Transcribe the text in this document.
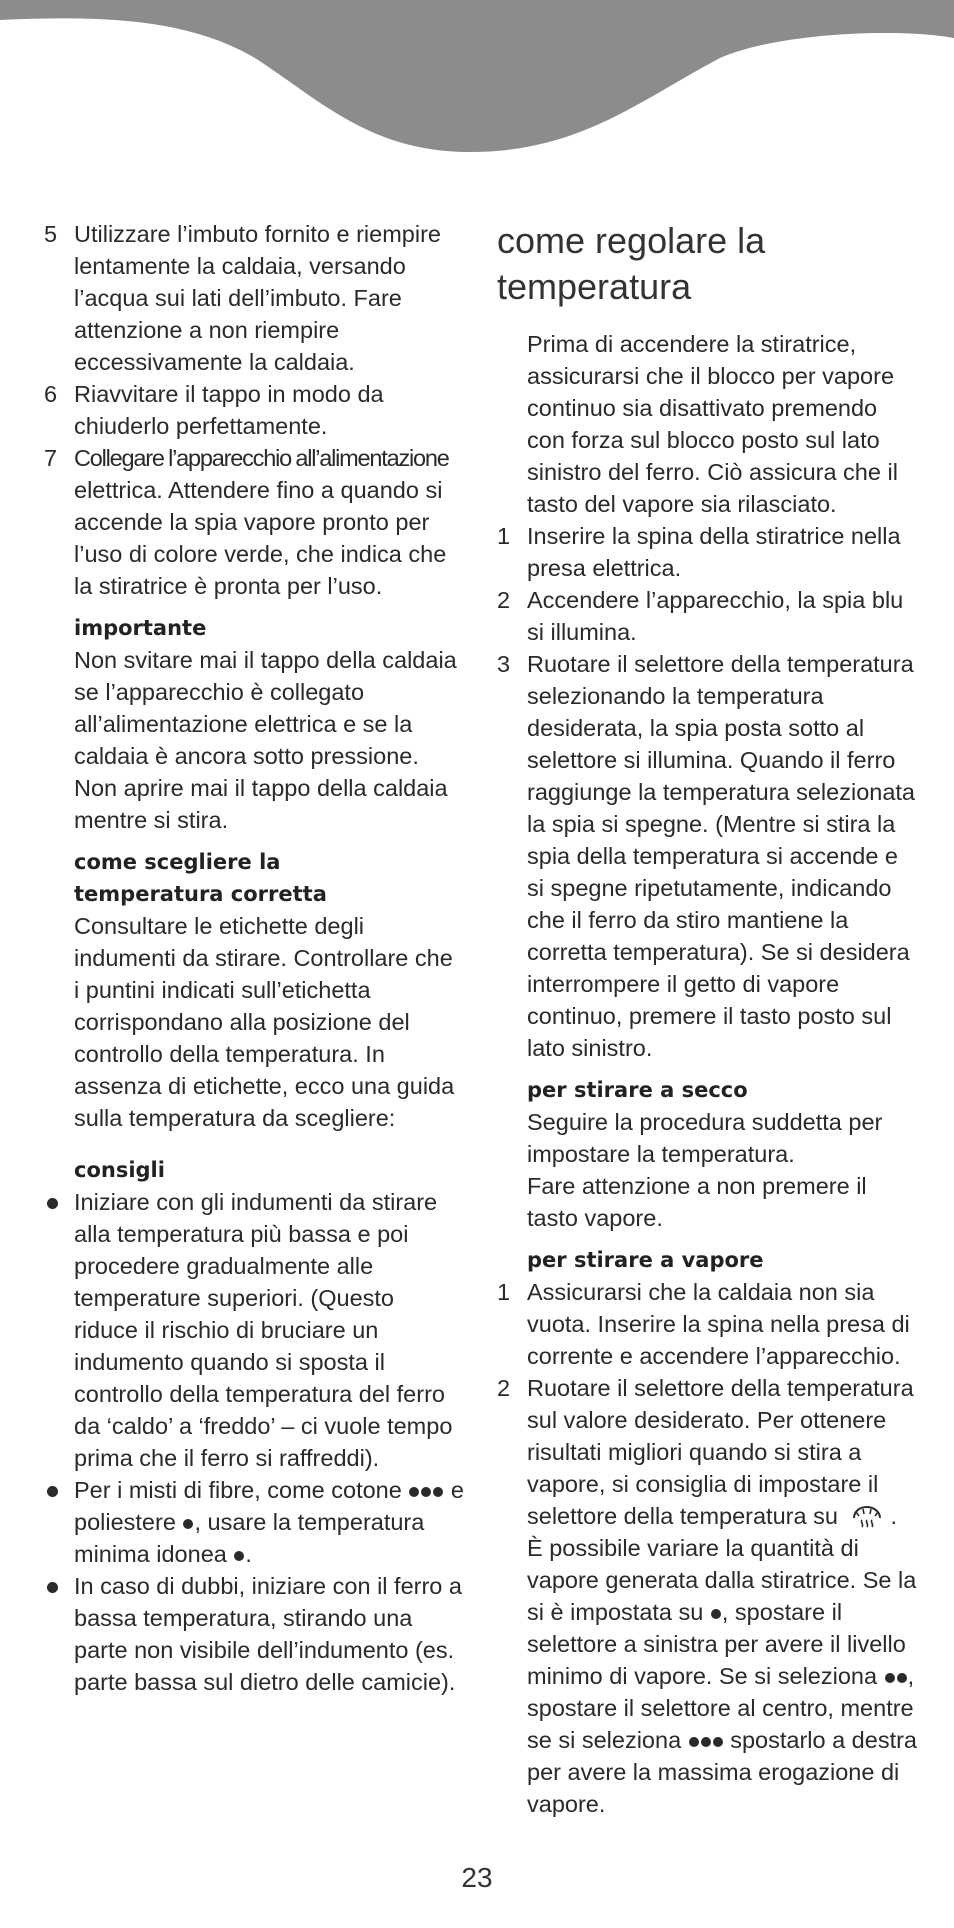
5 Utilizzare l’imbuto fornito e riempire lentamente la caldaia, versando l’acqua sui lati dell’imbuto. Fare attenzione a non riempire eccessivamente la caldaia.
6 Riavvitare il tappo in modo da chiuderlo perfettamente.
7 Collegare l’apparecchio all’alimentazione
elettrica. Attendere fino a quando si accende la spia vapore pronto per l’uso di colore verde, che indica che la stiratrice è pronta per l’uso.
importante
Non svitare mai il tappo della caldaia se l’apparecchio è collegato all’alimentazione elettrica e se la caldaia è ancora sotto pressione. Non aprire mai il tappo della caldaia mentre si stira.
come scegliere la
temperatura corretta
Consultare le etichette degli indumenti da stirare. Controllare che i puntini indicati sull’etichetta corrispondano alla posizione del controllo della temperatura. In assenza di etichette, ecco una guida sulla temperatura da scegliere:
consigli
Iniziare con gli indumenti da stirare alla temperatura più bassa e poi procedere gradualmente alle temperature superiori. (Questo riduce il rischio di bruciare un indumento quando si sposta il controllo della temperatura del ferro da ‘caldo’ a ‘freddo’ – ci vuole tempo prima che il ferro si raffreddi).
Per i misti di fibre, come cotone e poliestere , usare la temperatura minima idonea .
In caso di dubbi, iniziare con il ferro a bassa temperatura, stirando una parte non visibile dell’indumento (es. parte bassa sul dietro delle camicie).
come regolare la temperatura
Prima di accendere la stiratrice, assicurarsi che il blocco per vapore continuo sia disattivato premendo con forza sul blocco posto sul lato sinistro del ferro. Ciò assicura che il tasto del vapore sia rilasciato.
1 Inserire la spina della stiratrice nella presa elettrica.
2 Accendere l’apparecchio, la spia blu si illumina.
3 Ruotare il selettore della temperatura selezionando la temperatura desiderata, la spia posta sotto al selettore si illumina. Quando il ferro raggiunge la temperatura selezionata la spia si spegne. (Mentre si stira la spia della temperatura si accende e si spegne ripetutamente, indicando che il ferro da stiro mantiene la corretta temperatura). Se si desidera interrompere il getto di vapore continuo, premere il tasto posto sul lato sinistro.
per stirare a secco
Seguire la procedura suddetta per impostare la temperatura.
Fare attenzione a non premere il tasto vapore.
per stirare a vapore
1 Assicurarsi che la caldaia non sia vuota. Inserire la spina nella presa di corrente e accendere l’apparecchio.
2 Ruotare il selettore della temperatura sul valore desiderato. Per ottenere risultati migliori quando si stira a vapore, si consiglia di impostare il selettore della temperatura su . È possibile variare la quantità di vapore generata dalla stiratrice. Se la si è impostata su , spostare il selettore a sinistra per avere il livello minimo di vapore. Se si seleziona , spostare il selettore al centro, mentre se si seleziona spostarlo a destra per avere la massima erogazione di vapore.
23
